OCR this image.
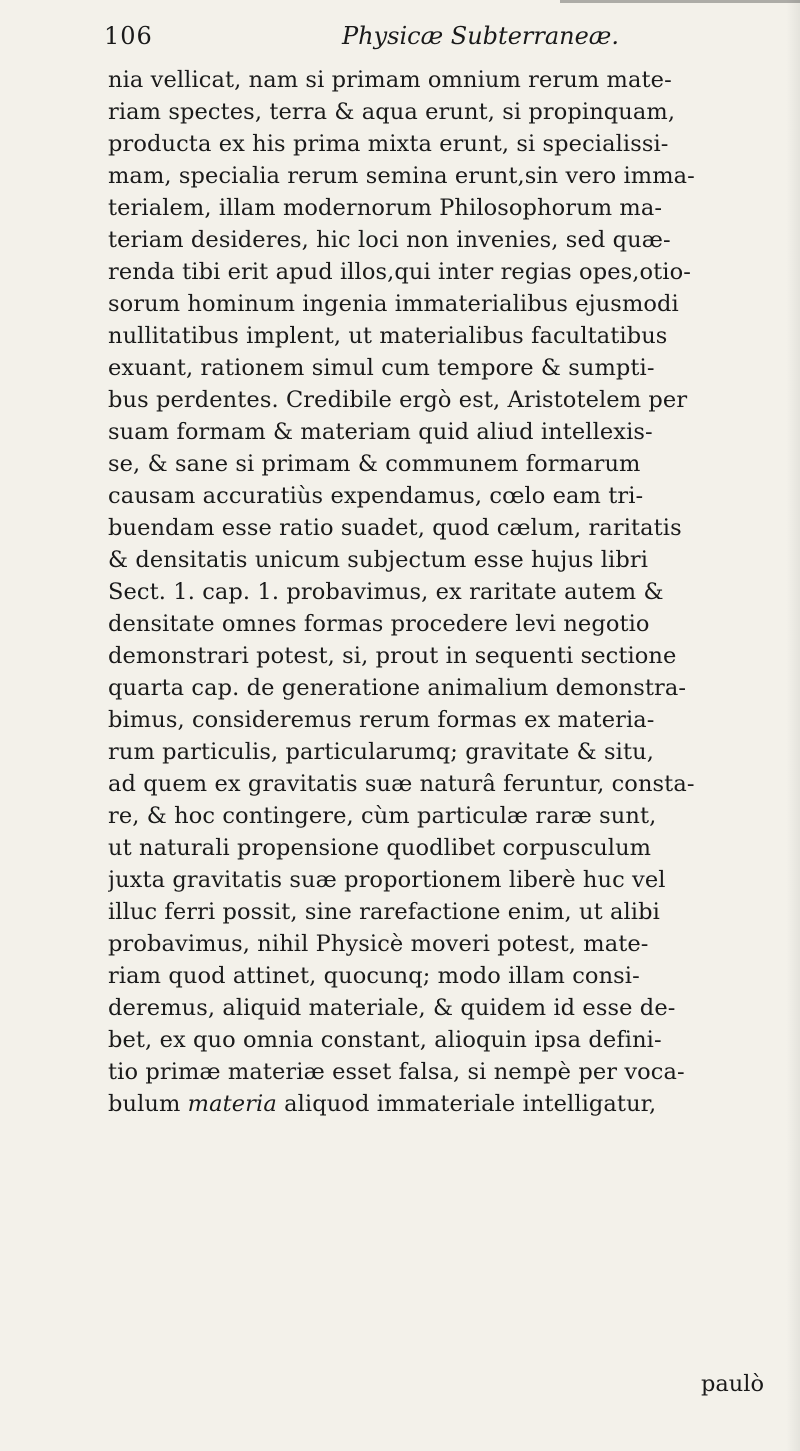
106	Physicæ Subterraneæ.
nia vellicat, nam si primam omnium rerum mate-
riam spectes, terra & aqua erunt, si propinquam,
producta ex his prima mixta erunt, si specialissi-
mam, specialia rerum semina erunt,sin vero imma-
terialem, illam modernorum Philosophorum ma-
teriam desideres, hic loci non invenies, sed quæ-
renda tibi erit apud illos,qui inter regias opes,otio-
sorum hominum ingenia immaterialibus ejusmodi
nullitatibus implent, ut materialibus facultatibus
exuant, rationem simul cum tempore & sumpti-
bus perdentes. Credibile ergò est, Aristotelem per
suam formam & materiam quid aliud intellexis-
se, & sane si primam & communem formarum
causam accuratiùs expendamus, cœlo eam tri-
buendam esse ratio suadet, quod cælum, raritatis
& densitatis unicum subjectum esse hujus libri
Sect. 1. cap. 1. probavimus, ex raritate autem &
densitate omnes formas procedere levi negotio
demonstrari potest, si, prout in sequenti sectione
quarta cap. de generatione animalium demonstra-
bimus, consideremus rerum formas ex materia-
rum particulis, particularumq; gravitate & situ,
ad quem ex gravitatis suæ naturâ feruntur, consta-
re, & hoc contingere, cùm particulæ raræ sunt,
ut naturali propensione quodlibet corpusculum
juxta gravitatis suæ proportionem liberè huc vel
illuc ferri possit, sine rarefactione enim, ut alibi
probavimus, nihil Physicè moveri potest, mate-
riam quod attinet, quocunq; modo illam consi-
deremus, aliquid materiale, & quidem id esse de-
bet, ex quo omnia constant, alioquin ipsa defini-
tio primæ materiæ esset falsa, si nempè per voca-
bulum materia aliquod immateriale intelligatur,
paulò
